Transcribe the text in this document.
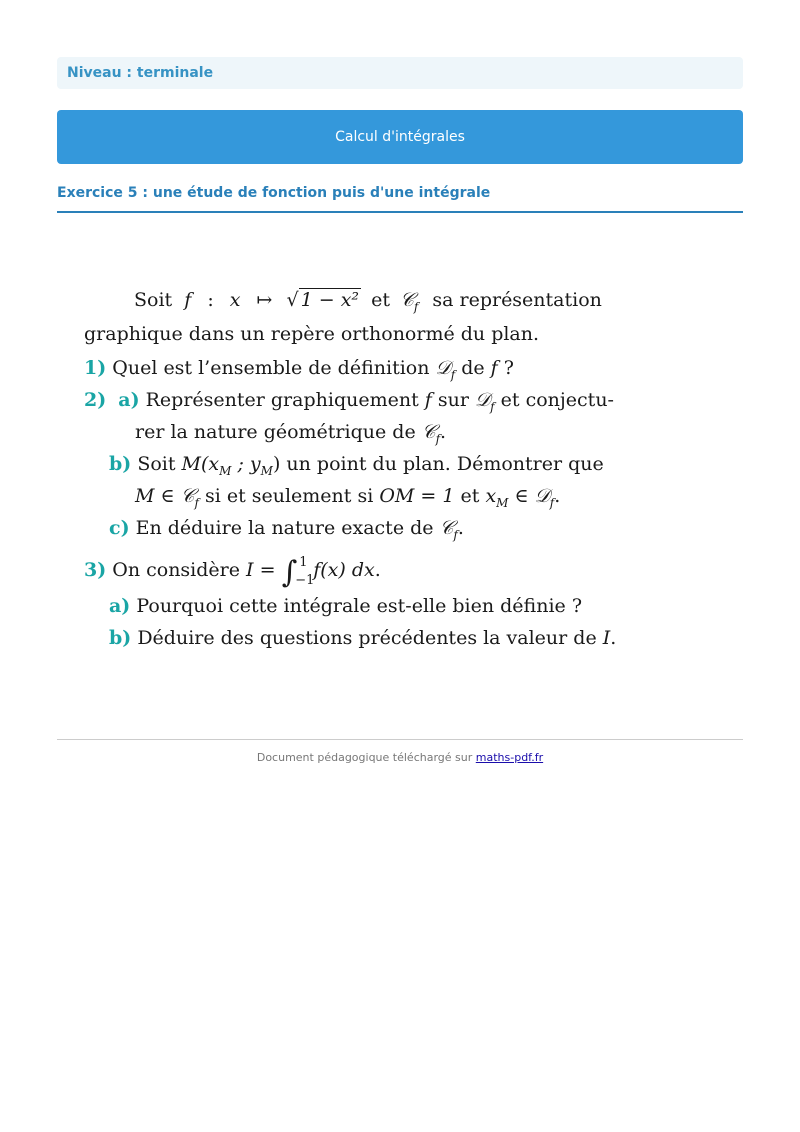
Niveau : terminale
Calcul d'intégrales
Exercice 5 : une étude de fonction puis d'une intégrale
Soit f : x ↦ √ 1 − x² et 𝒞$_f$ sa représentation
graphique dans un repère orthonormé du plan.
1) Quel est l’ensemble de définition 𝒟$_f$ de f ?
2) a) Représenter graphiquement f sur 𝒟$_f$ et conjectu-
rer la nature géométrique de 𝒞$_f$.
b) Soit $M(x_M$ ; $y_M$) un point du plan. Démontrer que
M ∈ 𝒞$_f$ si et seulement si OM = 1 et $x_M$ ∈ 𝒟$_f$.
c) En déduire la nature exacte de 𝒞$_f$.
3) On considère I = ∫ 1
−1
f(x) dx.
a) Pourquoi cette intégrale est-elle bien définie ?
b) Déduire des questions précédentes la valeur de I.
Document pédagogique téléchargé sur maths-pdf.fr
